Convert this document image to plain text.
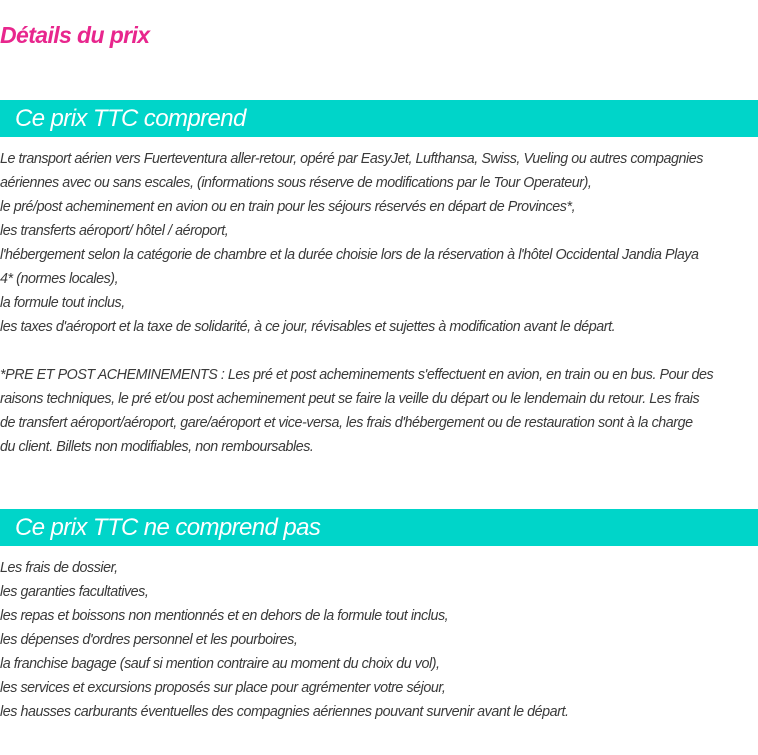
Détails du prix
Ce prix TTC comprend
Le transport aérien vers Fuerteventura aller-retour, opéré par EasyJet, Lufthansa, Swiss, Vueling ou autres compagnies
aériennes avec ou sans escales, (informations sous réserve de modifications par le Tour Operateur),
le pré/post acheminement en avion ou en train pour les séjours réservés en départ de Provinces*,
les transferts aéroport/ hôtel / aéroport,
l'hébergement selon la catégorie de chambre et la durée choisie lors de la réservation à l'hôtel Occidental Jandia Playa
4* (normes locales),
la formule tout inclus,
les taxes d'aéroport et la taxe de solidarité, à ce jour, révisables et sujettes à modification avant le départ.
*PRE ET POST ACHEMINEMENTS : Les pré et post acheminements s'effectuent en avion, en train ou en bus. Pour des
raisons techniques, le pré et/ou post acheminement peut se faire la veille du départ ou le lendemain du retour. Les frais
de transfert aéroport/aéroport, gare/aéroport et vice-versa, les frais d'hébergement ou de restauration sont à la charge
du client. Billets non modifiables, non remboursables.
Ce prix TTC ne comprend pas
Les frais de dossier,
les garanties facultatives,
les repas et boissons non mentionnés et en dehors de la formule tout inclus,
les dépenses d'ordres personnel et les pourboires,
la franchise bagage (sauf si mention contraire au moment du choix du vol),
les services et excursions proposés sur place pour agrémenter votre séjour,
les hausses carburants éventuelles des compagnies aériennes pouvant survenir avant le départ.
